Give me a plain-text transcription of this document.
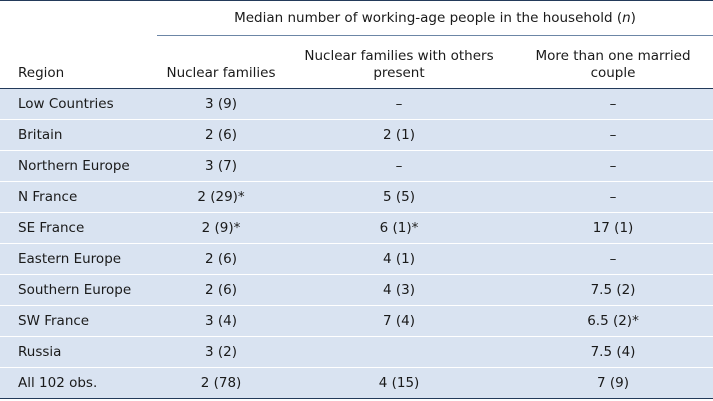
	Median number of working-age people in the household (n)		
Region	Nuclear families	Nuclear families with others present	More than one married couple
Low Countries	3 (9)	–	–
Britain	2 (6)	2 (1)	–
Northern Europe	3 (7)	–	–
N France	2 (29)*	5 (5)	–
SE France	2 (9)*	6 (1)*	17 (1)
Eastern Europe	2 (6)	4 (1)	–
Southern Europe	2 (6)	4 (3)	7.5 (2)
SW France	3 (4)	7 (4)	6.5 (2)*
Russia	3 (2)		7.5 (4)
All 102 obs.	2 (78)	4 (15)	7 (9)
